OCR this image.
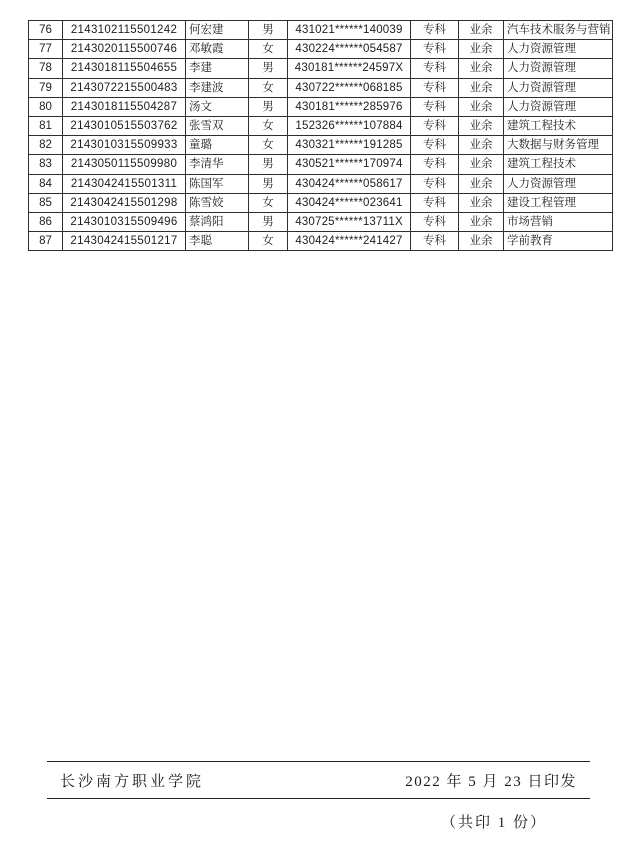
76	2143102115501242	何宏建	男	431021******140039	专科	业余	汽车技术服务与营销
77	2143020115500746	邓敏霞	女	430224******054587	专科	业余	人力资源管理
78	2143018115504655	李建	男	430181******24597X	专科	业余	人力资源管理
79	2143072215500483	李建波	女	430722******068185	专科	业余	人力资源管理
80	2143018115504287	汤文	男	430181******285976	专科	业余	人力资源管理
81	2143010515503762	张雪双	女	152326******107884	专科	业余	建筑工程技术
82	2143010315509933	童璐	女	430321******191285	专科	业余	大数据与财务管理
83	2143050115509980	李清华	男	430521******170974	专科	业余	建筑工程技术
84	2143042415501311	陈国军	男	430424******058617	专科	业余	人力资源管理
85	2143042415501298	陈雪姣	女	430424******023641	专科	业余	建设工程管理
86	2143010315509496	蔡鸿阳	男	430725******13711X	专科	业余	市场营销
87	2143042415501217	李聪	女	430424******241427	专科	业余	学前教育
长沙南方职业学院	2022 年 5 月 23 日印发
（共印 1 份）
